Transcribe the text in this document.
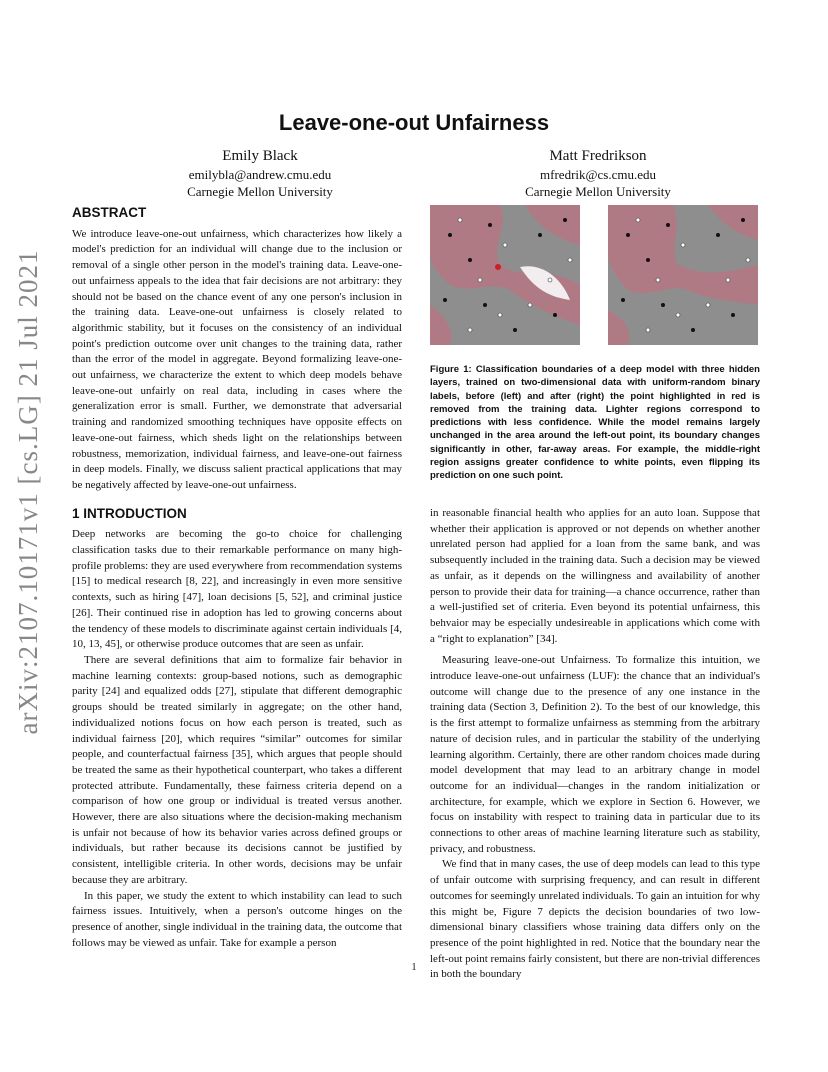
arXiv:2107.10171v1 [cs.LG] 21 Jul 2021
Leave-one-out Unfairness
Emily Black
emilybla@andrew.cmu.edu
Carnegie Mellon University
Matt Fredrikson
mfredrik@cs.cmu.edu
Carnegie Mellon University
ABSTRACT

We introduce leave-one-out unfairness, which characterizes how likely a model's prediction for an individual will change due to the inclusion or removal of a single other person in the model's training data. Leave-one-out unfairness appeals to the idea that fair decisions are not arbitrary: they should not be based on the chance event of any one person's inclusion in the training data. Leave-one-out unfairness is closely related to algorithmic stability, but it focuses on the consistency of an individual point's prediction outcome over unit changes to the training data, rather than the error of the model in aggregate. Beyond formalizing leave-one-out unfairness, we characterize the extent to which deep models behave leave-one-out unfairly on real data, including in cases where the generalization error is small. Further, we demonstrate that adversarial training and randomized smoothing techniques have opposite effects on leave-one-out fairness, which sheds light on the relationships between robustness, memorization, individual fairness, and leave-one-out fairness in deep models. Finally, we discuss salient practical applications that may be negatively affected by leave-one-out unfairness.

1 INTRODUCTION

Deep networks are becoming the go-to choice for challenging classification tasks due to their remarkable performance on many high-profile problems: they are used everywhere from recommendation systems [15] to medical research [8, 22], and increasingly in even more sensitive contexts, such as hiring [47], loan decisions [5, 52], and criminal justice [26]. Their continued rise in adoption has led to growing concerns about the tendency of these models to discriminate against certain individuals [4, 10, 13, 45], or otherwise produce outcomes that are seen as unfair.

There are several definitions that aim to formalize fair behavior in machine learning contexts: group-based notions, such as demographic parity [24] and equalized odds [27], stipulate that different demographic groups should be treated similarly in aggregate; on the other hand, individualized notions focus on how each person is treated, such as individual fairness [20], which requires “similar” outcomes for similar people, and counterfactual fairness [35], which argues that people should be treated the same as their hypothetical counterpart, who takes a different protected attribute. Fundamentally, these fairness criteria depend on a comparison of how one group or individual is treated versus another. However, there are also situations where the decision-making mechanism is unfair not because of how its behavior varies across defined groups or individuals, but rather because its decisions cannot be justified by consistent, intelligible criteria. In other words, decisions may be unfair because they are arbitrary.

In this paper, we study the extent to which instability can lead to such fairness issues. Intuitively, when a person's outcome hinges on the presence of another, single individual in the training data, the outcome that follows may be viewed as unfair. Take for example a person

Figure 1: Classification boundaries of a deep model with three hidden layers, trained on two-dimensional data with uniform-random binary labels, before (left) and after (right) the point highlighted in red is removed from the training data. Lighter regions correspond to predictions with less confidence. While the model remains largely unchanged in the area around the left-out point, its boundary changes significantly in other, far-away areas. For example, the middle-right region assigns greater confidence to white points, even flipping its prediction on one such point.

in reasonable financial health who applies for an auto loan. Suppose that whether their application is approved or not depends on whether another unrelated person had applied for a loan from the same bank, and was subsequently included in the training data. Such a decision may be viewed as unfair, as it depends on the willingness and availability of another person to provide their data for training—a chance occurrence, rather than a well-justified set of criteria. Even beyond its potential unfairness, this behvaior may be especially undesireable in applications which come with a “right to explanation” [34].

Measuring leave-one-out Unfairness. To formalize this intuition, we introduce leave-one-out unfairness (LUF): the chance that an individual's outcome will change due to the presence of any one instance in the training data (Section 3, Definition 2). To the best of our knowledge, this is the first attempt to formalize unfairness as stemming from the arbitrary nature of decision rules, and in particular the stability of the underlying learning algorithm. Certainly, there are other random choices made during model development that may lead to an arbitrary change in model outcome for an individual—changes in the random initialization or architecture, for example, which we explore in Section 6. However, we focus on instability with respect to training data in particular due to its connections to other areas of machine learning literature such as stability, privacy, and robustness.

We find that in many cases, the use of deep models can lead to this type of unfair outcome with surprising frequency, and can result in different outcomes for seemingly unrelated individuals. To gain an intuition for why this might be, Figure 7 depicts the decision boundaries of two low-dimensional binary classifiers whose training data differs only on the presence of the point highlighted in red. Notice that the boundary near the left-out point remains fairly consistent, but there are non-trivial differences in both the boundary

1
